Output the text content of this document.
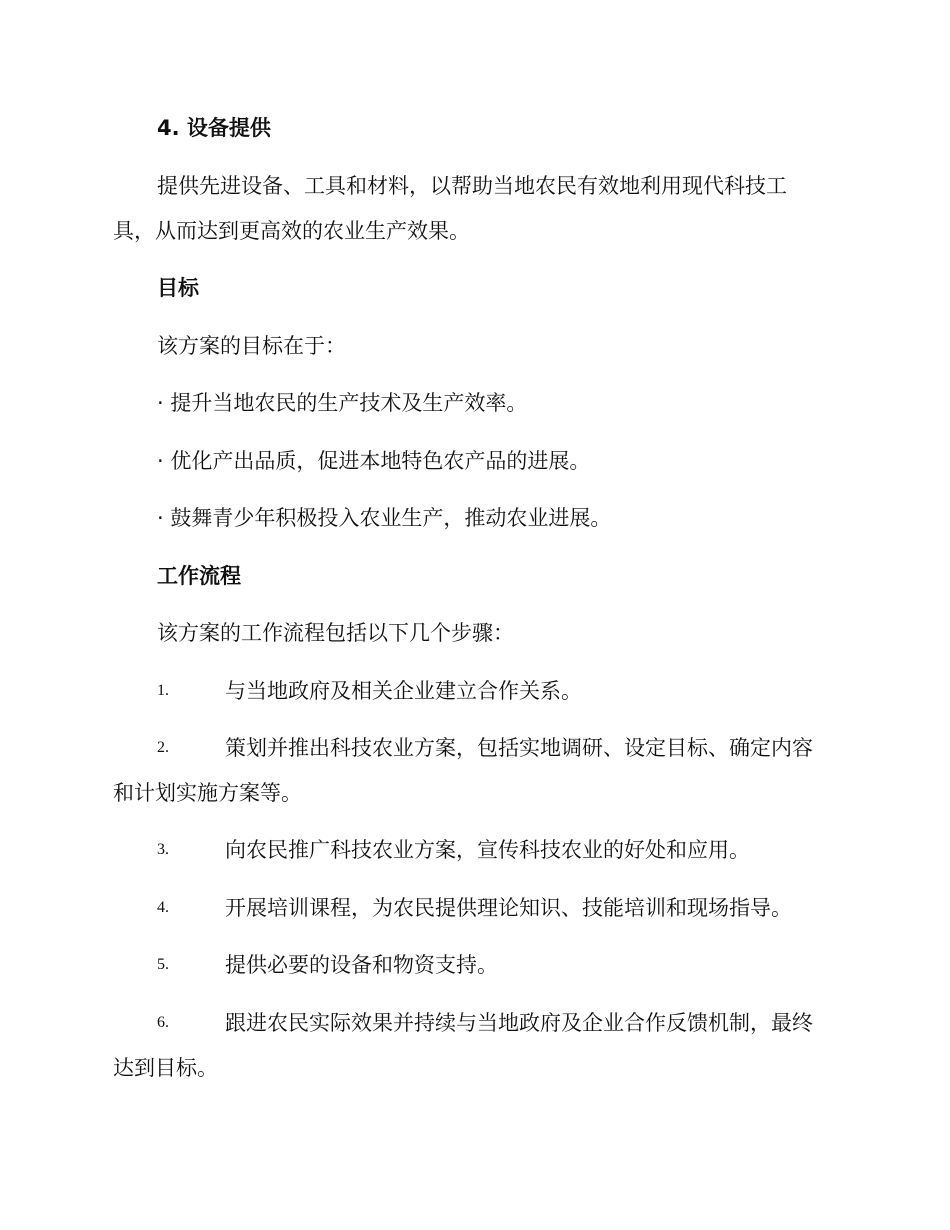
4. 设备提供
提供先进设备、工具和材料，以帮助当地农民有效地利用现代科技工
具，从而达到更高效的农业生产效果。
目标
该方案的目标在于：
· 提升当地农民的生产技术及生产效率。
· 优化产出品质，促进本地特色农产品的进展。
· 鼓舞青少年积极投入农业生产，推动农业进展。
工作流程
该方案的工作流程包括以下几个步骤：
1.	与当地政府及相关企业建立合作关系。
2.	策划并推出科技农业方案，包括实地调研、设定目标、确定内容
和计划实施方案等。
3.	向农民推广科技农业方案，宣传科技农业的好处和应用。
4.	开展培训课程，为农民提供理论知识、技能培训和现场指导。
5.	提供必要的设备和物资支持。
6.	跟进农民实际效果并持续与当地政府及企业合作反馈机制，最终
达到目标。
